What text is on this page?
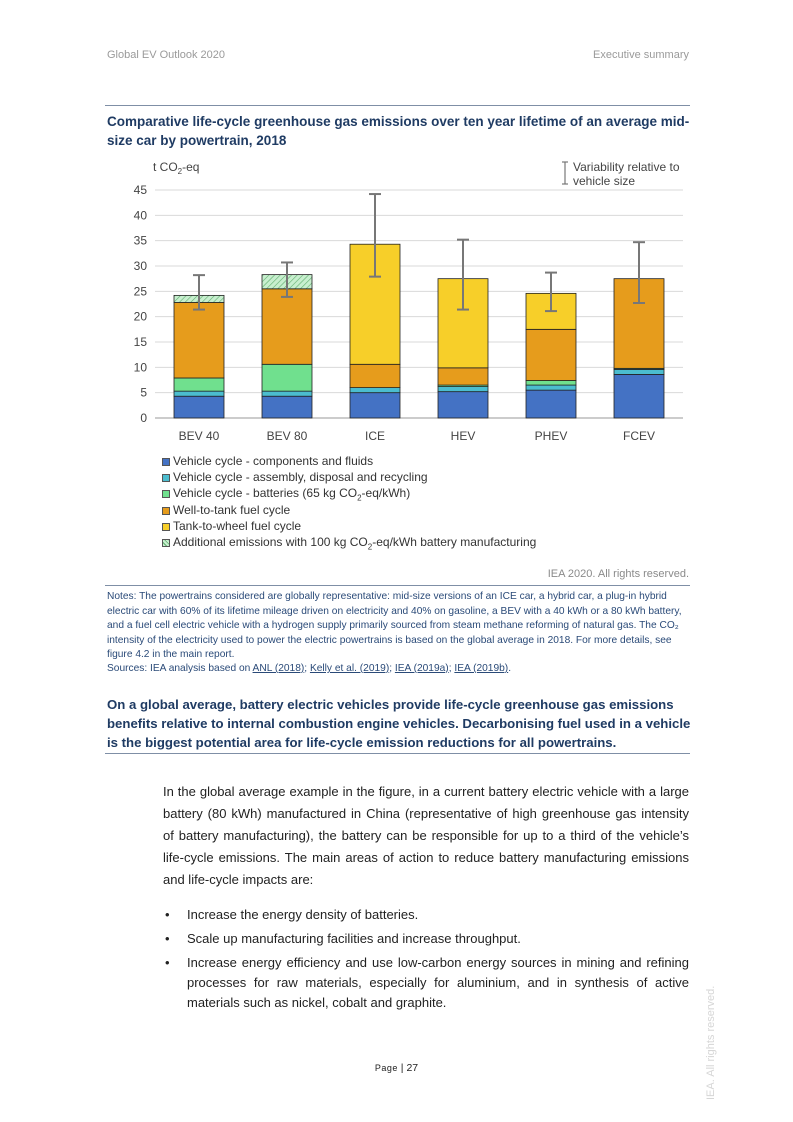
Global EV Outlook 2020	Executive summary
Comparative life-cycle greenhouse gas emissions over ten year lifetime of an average mid-size car by powertrain, 2018
0
5
10
15
20
25
30
35
40
45
t $CO_2-eq$
BEV 40	BEV 80	ICE	HEV	PHEV	FCEV
Variability relative to
vehicle size
Vehicle cycle - components and fluids
Vehicle cycle - assembly, disposal and recycling
Vehicle cycle - batteries (65 kg $CO_2-eq/kWh$)
Well-to-tank fuel cycle
Tank-to-wheel fuel cycle
Additional emissions with 100 kg $CO_2-eq$/kWh battery manufacturing
IEA 2020. All rights reserved.
Notes: The powertrains considered are globally representative: mid-size versions of an ICE car, a hybrid car, a plug-in hybrid electric car with 60% of its lifetime mileage driven on electricity and 40% on gasoline, a BEV with a 40 kWh or a 80 kWh battery, and a fuel cell electric vehicle with a hydrogen supply primarily sourced from steam methane reforming of natural gas. The CO₂ intensity of the electricity used to power the electric powertrains is based on the global average in 2018. For more details, see figure 4.2 in the main report.
Sources: IEA analysis based on ANL (2018); Kelly et al. (2019); IEA (2019a); IEA (2019b).
On a global average, battery electric vehicles provide life-cycle greenhouse gas emissions benefits relative to internal combustion engine vehicles. Decarbonising fuel used in a vehicle is the biggest potential area for life-cycle emission reductions for all powertrains.
In the global average example in the figure, in a current battery electric vehicle with a large battery (80 kWh) manufactured in China (representative of high greenhouse gas intensity of battery manufacturing), the battery can be responsible for up to a third of the vehicle’s life-cycle emissions. The main areas of action to reduce battery manufacturing emissions and life-cycle impacts are:
• Increase the energy density of batteries.
• Scale up manufacturing facilities and increase throughput.
• Increase energy efficiency and use low-carbon energy sources in mining and refining processes for raw materials, especially for aluminium, and in synthesis of active materials such as nickel, cobalt and graphite.
Page | 27	IEA. All rights reserved.
